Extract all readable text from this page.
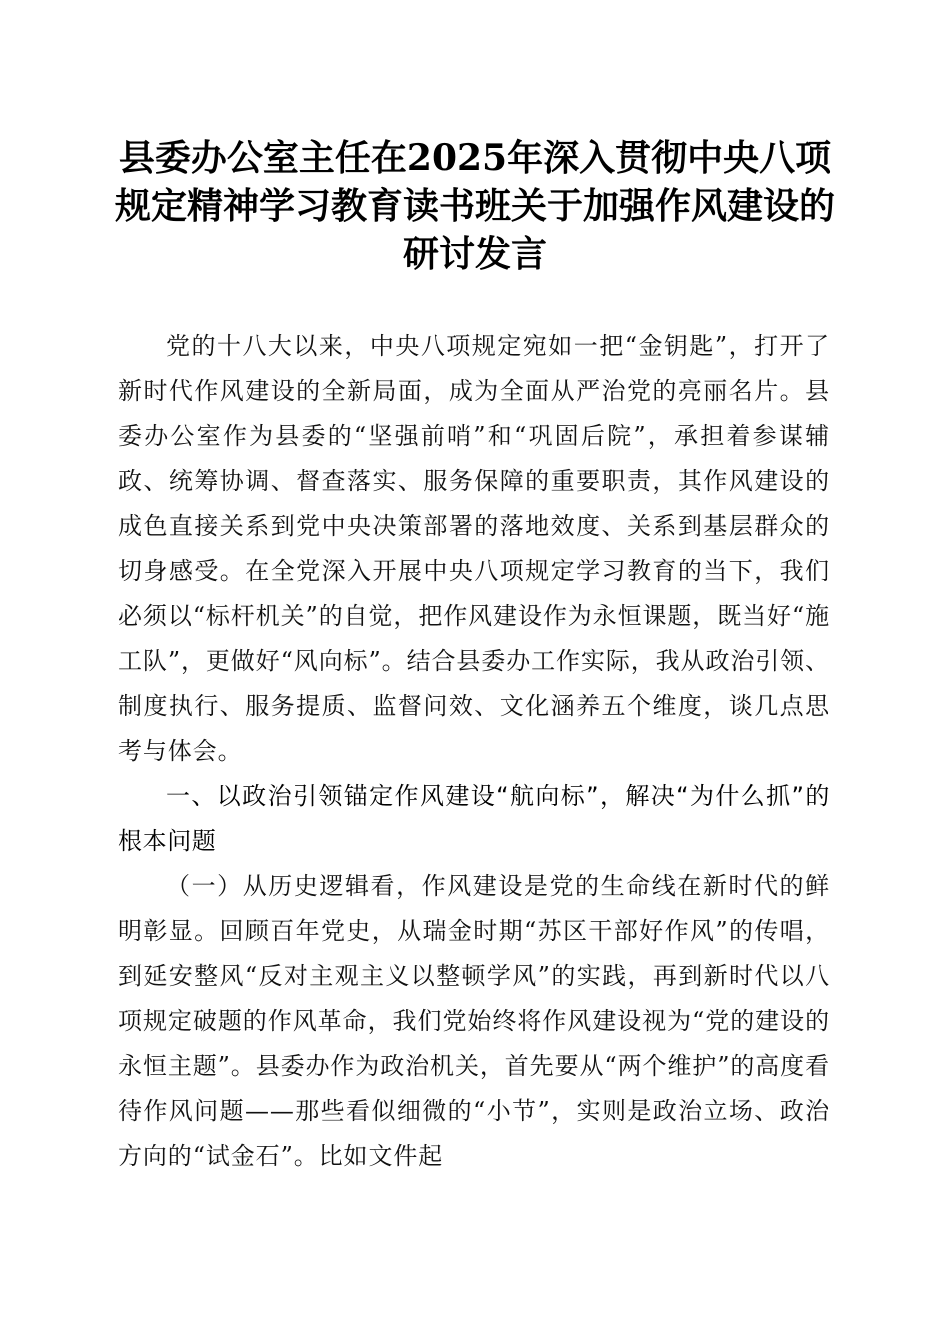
县委办公室主任在2025年深入贯彻中央八项
规定精神学习教育读书班关于加强作风建设的
研讨发言

党的十八大以来，中央八项规定宛如一把“金钥匙”，打开了新时代作风建设的全新局面，成为全面从严治党的亮丽名片。县委办公室作为县委的“坚强前哨”和“巩固后院”，承担着参谋辅政、统筹协调、督查落实、服务保障的重要职责，其作风建设的成色直接关系到党中央决策部署的落地效度、关系到基层群众的切身感受。在全党深入开展中央八项规定学习教育的当下，我们必须以“标杆机关”的自觉，把作风建设作为永恒课题，既当好“施工队”，更做好“风向标”。结合县委办工作实际，我从政治引领、制度执行、服务提质、监督问效、文化涵养五个维度，谈几点思考与体会。

一、以政治引领锚定作风建设“航向标”，解决“为什么抓”的根本问题

（一）从历史逻辑看，作风建设是党的生命线在新时代的鲜明彰显。回顾百年党史，从瑞金时期“苏区干部好作风”的传唱，到延安整风“反对主观主义以整顿学风”的实践，再到新时代以八项规定破题的作风革命，我们党始终将作风建设视为“党的建设的永恒主题”。县委办作为政治机关，首先要从“两个维护”的高度看待作风问题——那些看似细微的“小节”，实则是政治立场、政治方向的“试金石”。比如文件起
